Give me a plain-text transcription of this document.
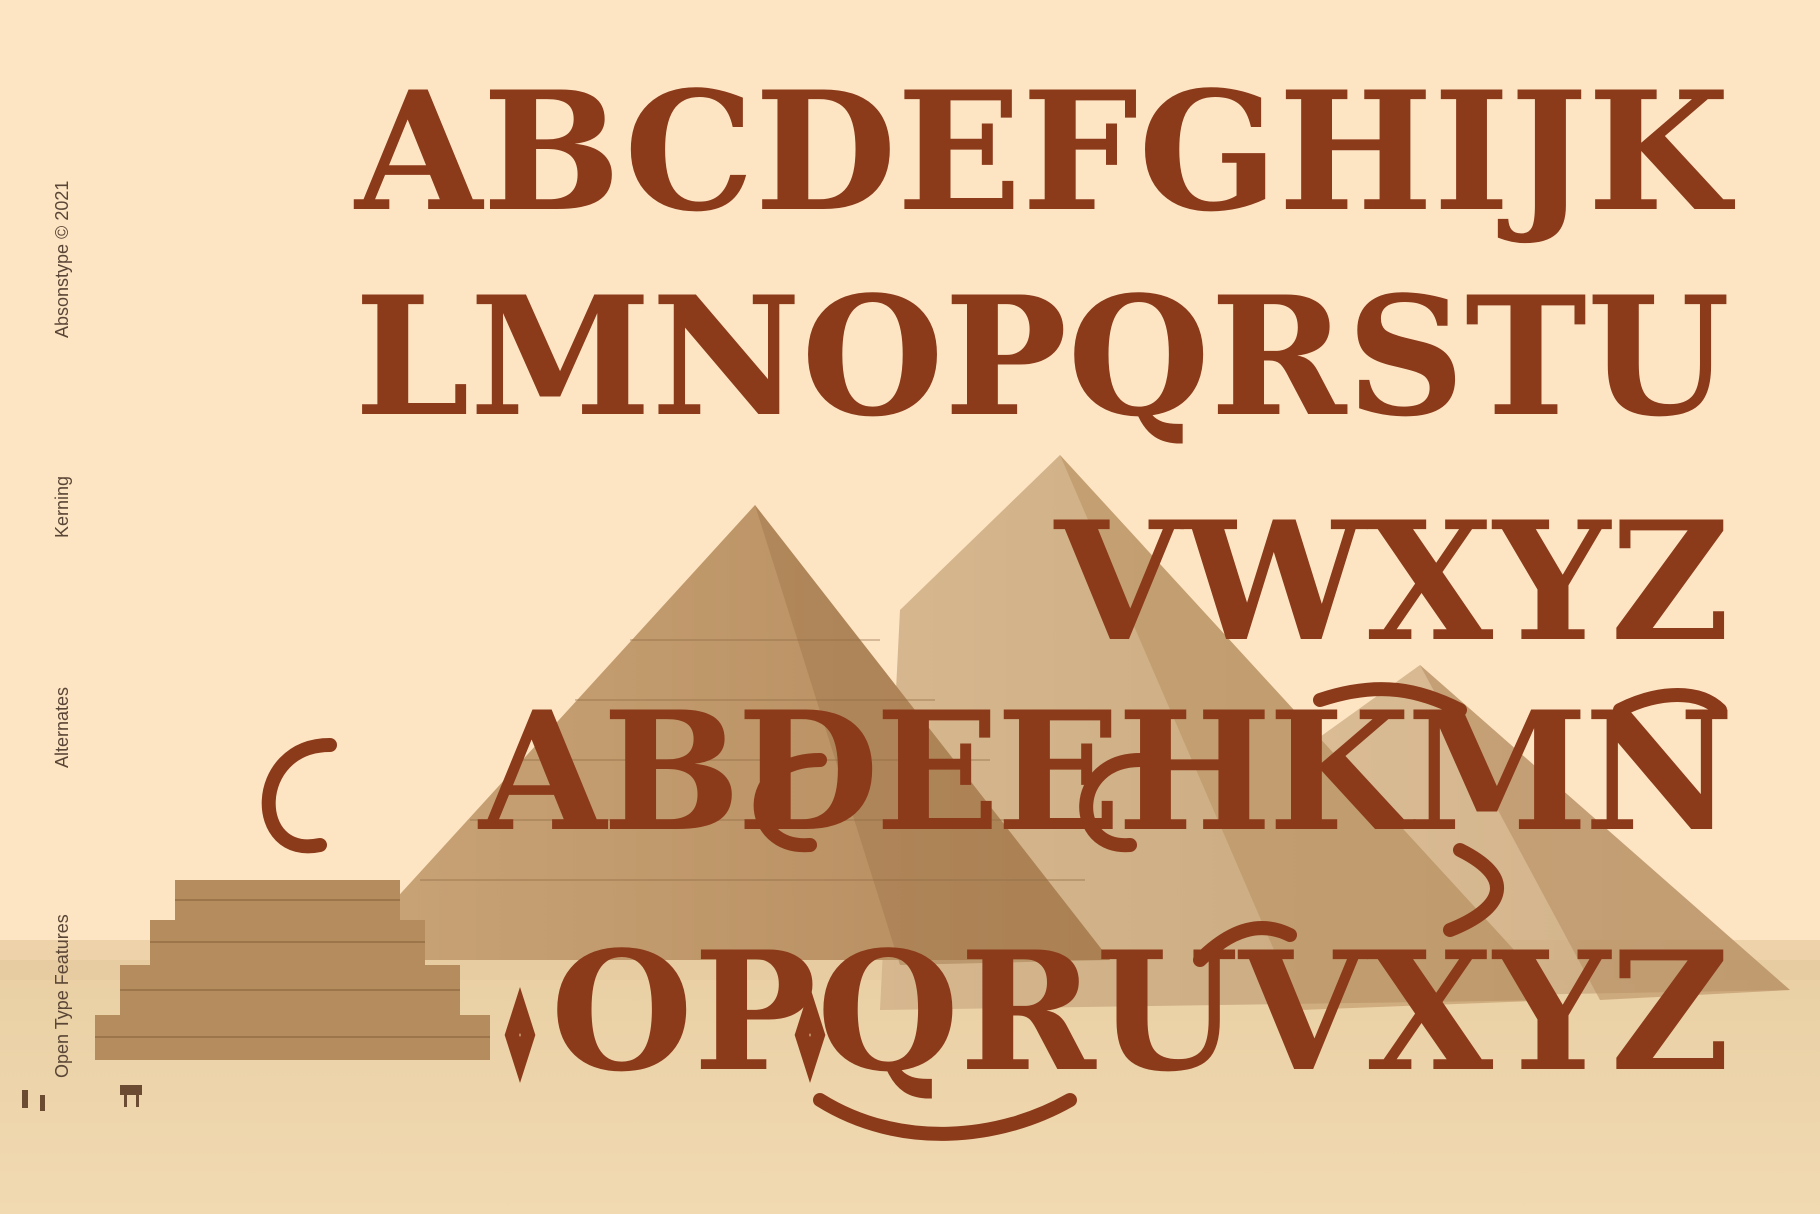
Absonstype © 2021
Kerning
Alternates
Open Type Features
ABCDEFGHIJK
LMNOPQRSTU
VWXYZ
ABDEEHKMN
OPQRUVXYZ
